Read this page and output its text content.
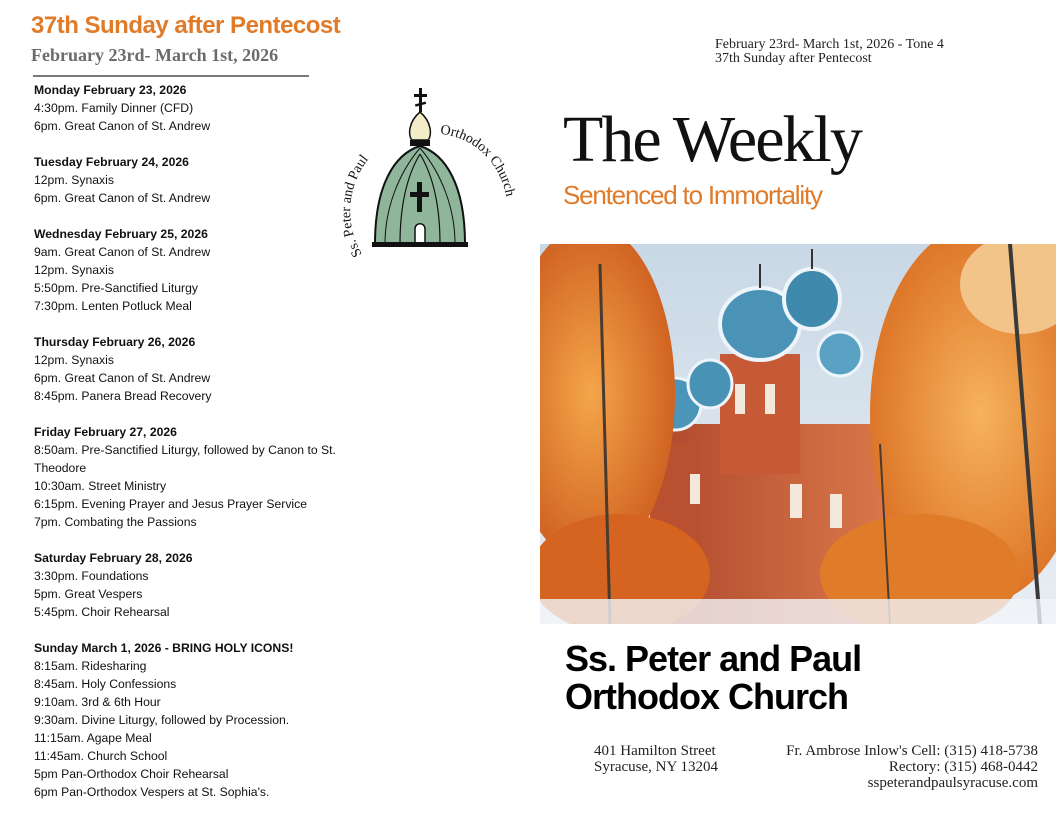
37th Sunday after Pentecost
February 23rd- March 1st, 2026
Monday February 23, 2026
4:30pm. Family Dinner (CFD)
6pm. Great Canon of St. Andrew
Tuesday February 24, 2026
12pm. Synaxis
6pm. Great Canon of St. Andrew
Wednesday February 25, 2026
9am. Great Canon of St. Andrew
12pm. Synaxis
5:50pm. Pre-Sanctified Liturgy
7:30pm. Lenten Potluck Meal
Thursday February 26, 2026
12pm. Synaxis
6pm. Great Canon of St. Andrew
8:45pm. Panera Bread Recovery
Friday February 27, 2026
8:50am. Pre-Sanctified Liturgy, followed by Canon to St. Theodore
10:30am. Street Ministry
6:15pm. Evening Prayer and Jesus Prayer Service
7pm. Combating the Passions
Saturday February 28, 2026
3:30pm. Foundations
5pm. Great Vespers
5:45pm. Choir Rehearsal
Sunday March 1, 2026 - BRING HOLY ICONS!
8:15am. Ridesharing
8:45am. Holy Confessions
9:10am. 3rd & 6th Hour
9:30am. Divine Liturgy, followed by Procession.
11:15am. Agape Meal
11:45am. Church School
5pm Pan-Orthodox Choir Rehearsal
6pm Pan-Orthodox Vespers at St. Sophia's.
Ss. Peter and Paul
Orthodox Church
February 23rd- March 1st, 2026 - Tone 4
37th Sunday after Pentecost
The Weekly
Sentenced to Immortality
Ss. Peter and Paul
Orthodox Church
401 Hamilton Street
Syracuse, NY 13204
Fr. Ambrose Inlow's Cell: (315) 418-5738
Rectory: (315) 468-0442
sspeterandpaulsyracuse.com
